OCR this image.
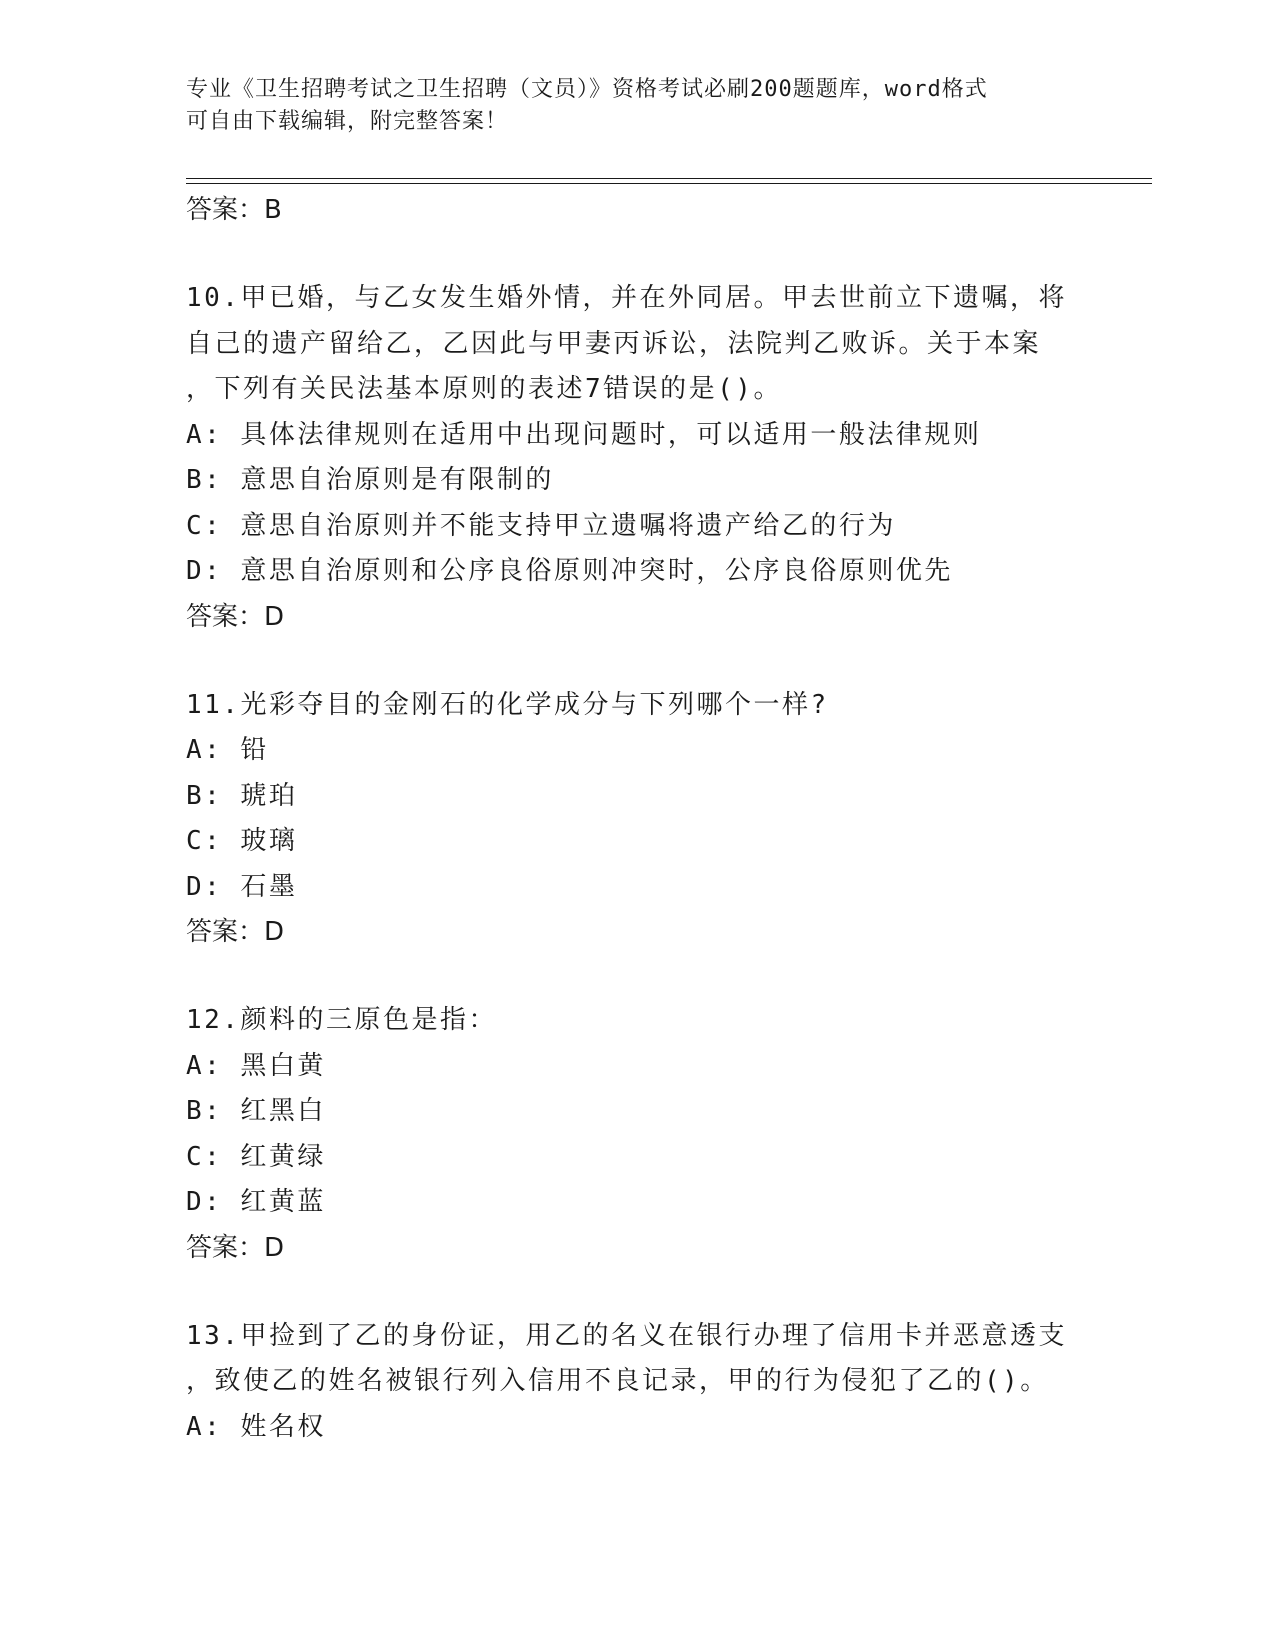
专业《卫生招聘考试之卫生招聘（文员）》资格考试必刷200题题库，word格式
可自由下载编辑，附完整答案！
答案：B
10.甲已婚，与乙女发生婚外情，并在外同居。甲去世前立下遗嘱，将
自己的遗产留给乙，乙因此与甲妻丙诉讼，法院判乙败诉。关于本案
，下列有关民法基本原则的表述7错误的是()。
A: 具体法律规则在适用中出现问题时，可以适用一般法律规则
B: 意思自治原则是有限制的
C: 意思自治原则并不能支持甲立遗嘱将遗产给乙的行为
D: 意思自治原则和公序良俗原则冲突时，公序良俗原则优先
答案：D
11.光彩夺目的金刚石的化学成分与下列哪个一样?
A: 铅
B: 琥珀
C: 玻璃
D: 石墨
答案：D
12.颜料的三原色是指：
A: 黑白黄
B: 红黑白
C: 红黄绿
D: 红黄蓝
答案：D
13.甲捡到了乙的身份证，用乙的名义在银行办理了信用卡并恶意透支
，致使乙的姓名被银行列入信用不良记录，甲的行为侵犯了乙的()。
A: 姓名权
